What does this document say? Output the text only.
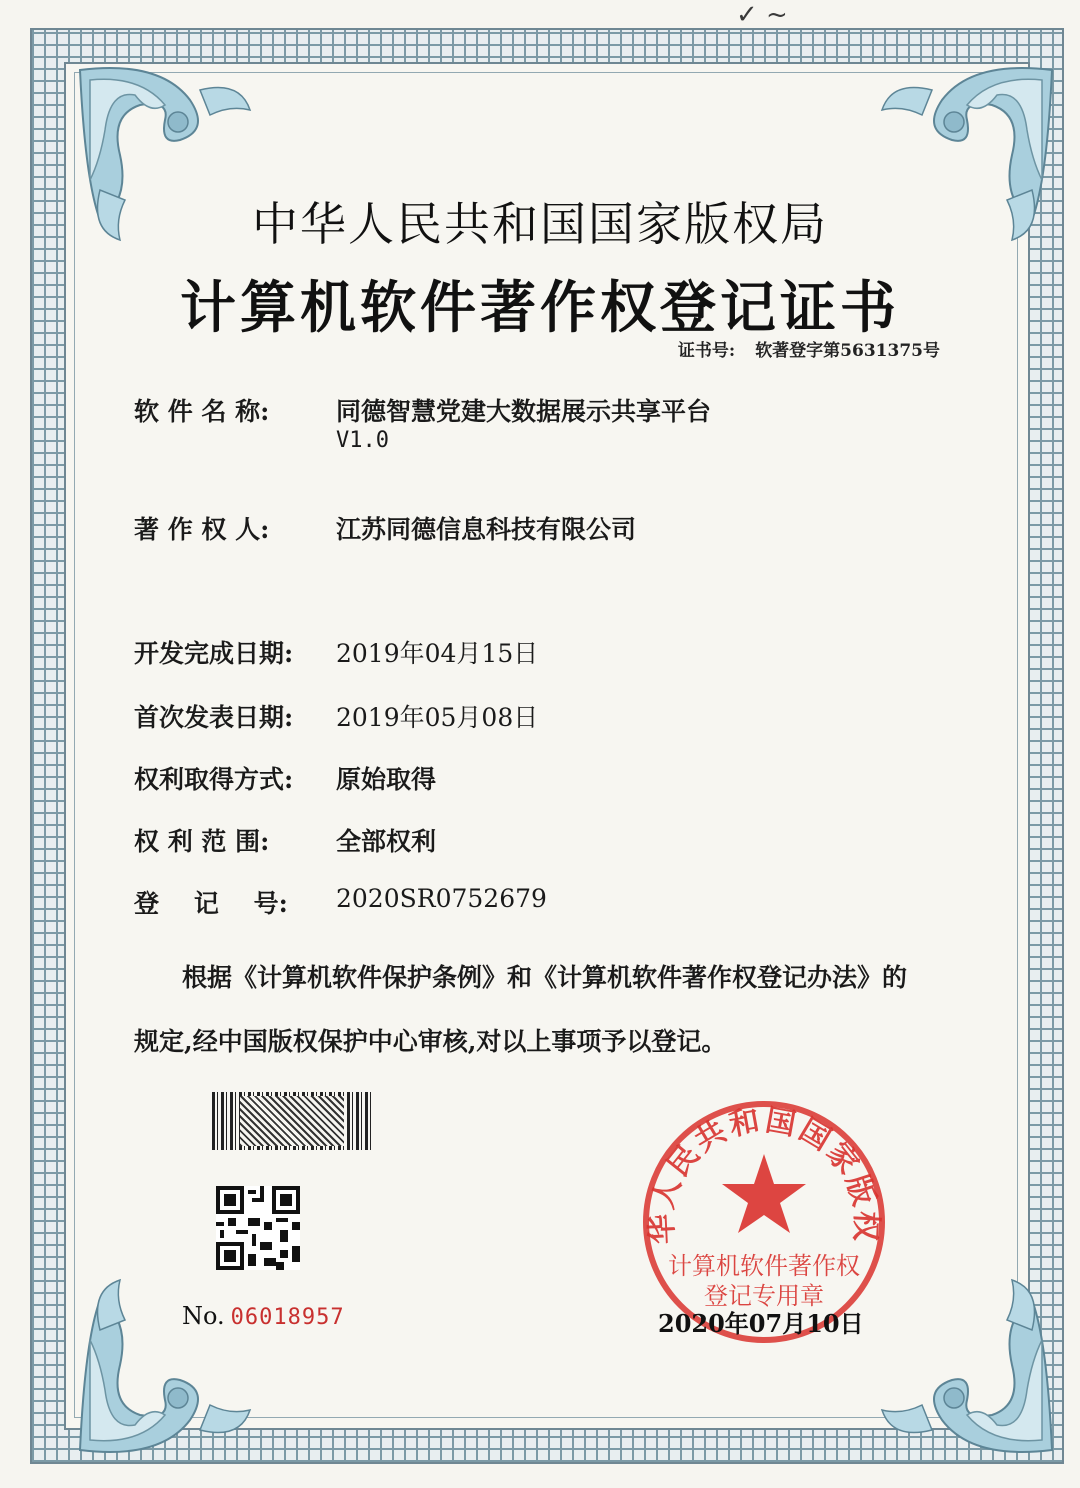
✓ ~
中华人民共和国国家版权局
计算机软件著作权登记证书
证书号: 软著登字第5631375号
软 件 名 称:	同德智慧党建大数据展示共享平台
V1.0
著 作 权 人:	江苏同德信息科技有限公司
开发完成日期: 2019年04月15日
首次发表日期: 2019年05月08日
权利取得方式: 原始取得
权 利 范 围:	全部权利
登    记    号: 2020SR0752679
根据《计算机软件保护条例》和《计算机软件著作权登记办法》的
规定,经中国版权保护中心审核,对以上事项予以登记。
No. 06018957
华人民共和国国家版权
计算机软件著作权
登记专用章
2020年07月10日
